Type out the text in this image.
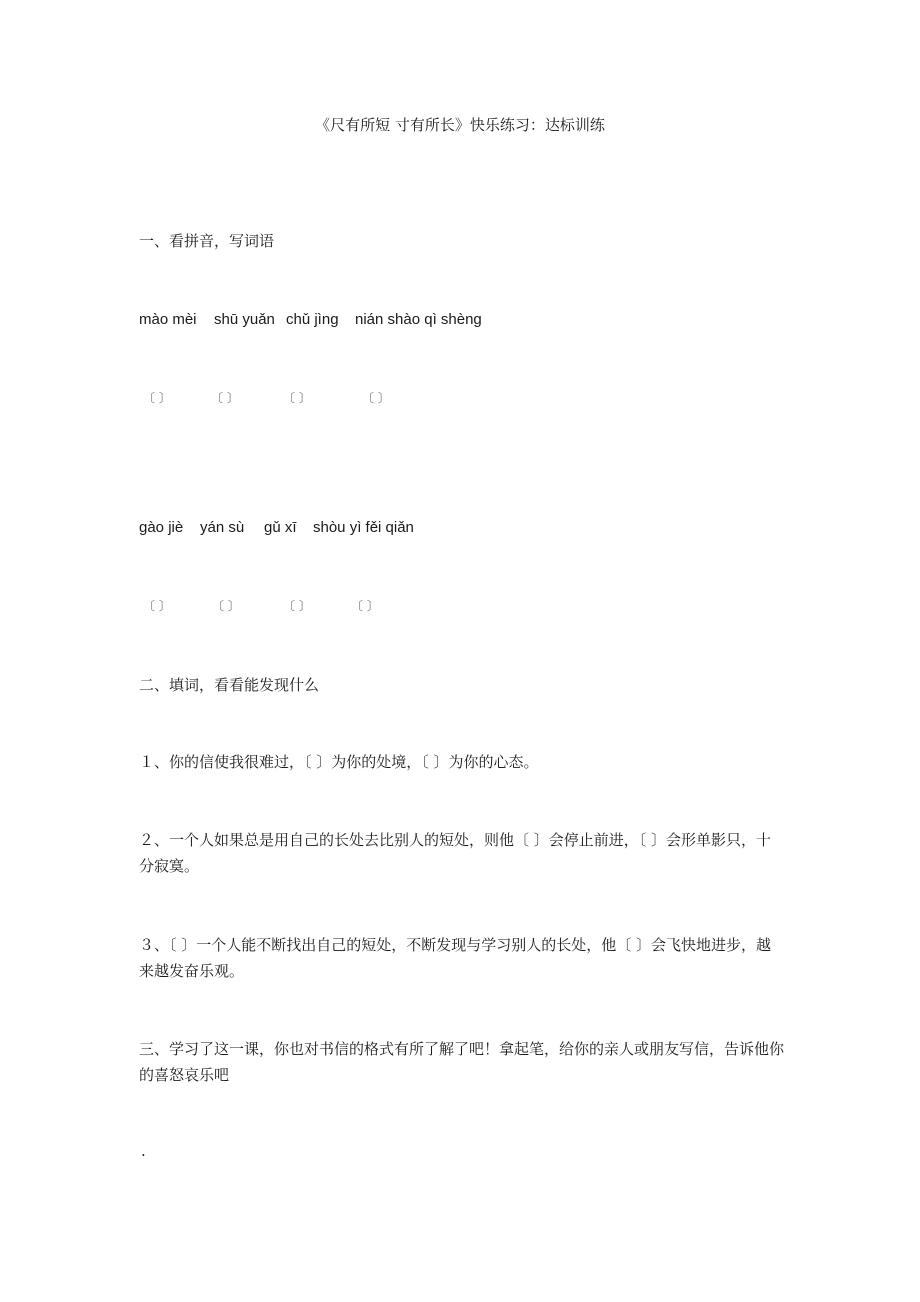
《尺有所短 寸有所长》快乐练习：达标训练
一、看拼音，写词语
mào mèi shū yuǎn chǔ jìng nián shào qì shèng
〔 〕	〔 〕	〔 〕	〔 〕
gào jiè yán sù gǔ xī shòu yì fěi qiǎn
〔 〕	〔 〕	〔 〕	〔 〕
二、填词，看看能发现什么
１、你的信使我很难过，〔 〕为你的处境，〔 〕为你的心态。
２、一个人如果总是用自己的长处去比别人的短处，则他〔 〕会停止前进，〔 〕会形单影只，十分寂寞。
３、〔 〕一个人能不断找出自己的短处，不断发现与学习别人的长处，他〔 〕会飞快地进步，越来越发奋乐观。
三、学习了这一课，你也对书信的格式有所了解了吧！拿起笔，给你的亲人或朋友写信，告诉他你的喜怒哀乐吧
.
